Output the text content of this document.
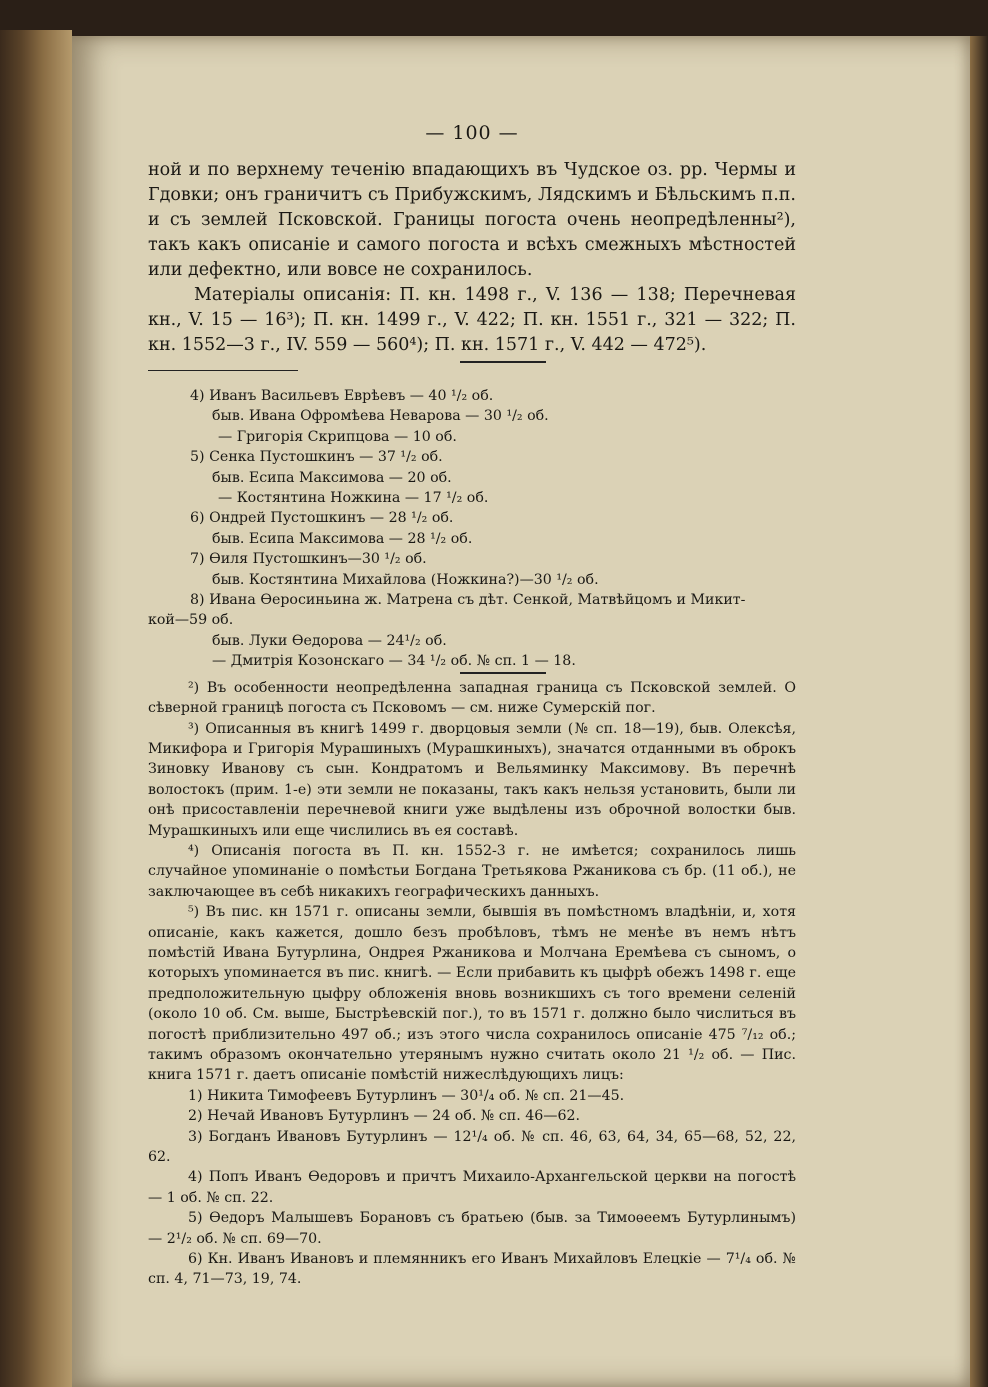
— 100 —

ной и по верхнему теченію впадающихъ въ Чудское оз. рр. Чермы и Гдовки; онъ граничитъ съ Прибужскимъ, Лядскимъ и Бѣльскимъ п.п. и съ землей Псковской. Границы погоста очень неопредѣленны²), такъ какъ описаніе и самого погоста и всѣхъ смежныхъ мѣстностей или дефектно, или вовсе не сохранилось.

Матеріалы описанія: П. кн. 1498 г., V. 136 — 138; Перечневая кн., V. 15 — 16³); П. кн. 1499 г., V. 422; П. кн. 1551 г., 321 — 322; П. кн. 1552—3 г., IV. 559 — 560⁴); П. кн. 1571 г., V. 442 — 472⁵).

4) Иванъ Васильевъ Еврѣевъ — 40 ¹/₂ об.

быв. Ивана Офромѣева Неварова — 30 ¹/₂ об.

— Григорія Скрипцова — 10 об.

5) Сенка Пустошкинъ — 37 ¹/₂ об.

быв. Есипа Максимова — 20 об.

— Костянтина Ножкина — 17 ¹/₂ об.

6) Ондрей Пустошкинъ — 28 ¹/₂ об.

быв. Есипа Максимова — 28 ¹/₂ об.

7) Ѳиля Пустошкинъ—30 ¹/₂ об.

быв. Костянтина Михайлова (Ножкина?)—30 ¹/₂ об.

8) Ивана Ѳеросиньина ж. Матрена съ дѣт. Сенкой, Матвѣйцомъ и Микит-

кой—59 об.

быв. Луки Ѳедорова — 24¹/₂ об.

— Дмитрія Козонскаго — 34 ¹/₂ об. № сп. 1 — 18.

²) Въ особенности неопредѣленна западная граница съ Псковской землей. О сѣверной границѣ погоста съ Псковомъ — см. ниже Сумерскій пог.

³) Описанныя въ книгѣ 1499 г. дворцовыя земли (№ сп. 18—19), быв. Олексѣя, Микифора и Григорія Мурашиныхъ (Мурашкиныхъ), значатся отданными въ оброкъ Зиновку Иванову съ сын. Кондратомъ и Вельяминку Максимову. Въ перечнѣ волостокъ (прим. 1-е) эти земли не показаны, такъ какъ нельзя установить, были ли онѣ присоставленіи перечневой книги уже выдѣлены изъ оброчной волостки быв. Мурашкиныхъ или еще числились въ ея составѣ.

⁴) Описанія погоста въ П. кн. 1552-3 г. не имѣется; сохранилось лишь случайное упоминаніе о помѣстьи Богдана Третьякова Ржаникова съ бр. (11 об.), не заключающее въ себѣ никакихъ географическихъ данныхъ.

⁵) Въ пис. кн 1571 г. описаны земли, бывшія въ помѣстномъ владѣніи, и, хотя описаніе, какъ кажется, дошло безъ пробѣловъ, тѣмъ не менѣе въ немъ нѣтъ помѣстій Ивана Бутурлина, Ондрея Ржаникова и Молчана Еремѣева съ сыномъ, о которыхъ упоминается въ пис. книгѣ. — Если прибавить къ цыфрѣ обежъ 1498 г. еще предположительную цыфру обложенія вновь возникшихъ съ того времени селеній (около 10 об. См. выше, Быстрѣевскій пог.), то въ 1571 г. должно было числиться въ погостѣ приблизительно 497 об.; изъ этого числа сохранилось описаніе 475 ⁷/₁₂ об.; такимъ образомъ окончательно утерянымъ нужно считать около 21 ¹/₂ об. — Пис. книга 1571 г. даетъ описаніе помѣстій нижеслѣдующихъ лицъ:

1) Никита Тимофеевъ Бутурлинъ — 30¹/₄ об. № сп. 21—45.

2) Нечай Ивановъ Бутурлинъ — 24 об. № сп. 46—62.

3) Богданъ Ивановъ Бутурлинъ — 12¹/₄ об. № сп. 46, 63, 64, 34, 65—68, 52, 22, 62.

4) Попъ Иванъ Ѳедоровъ и причтъ Михаило-Архангельской церкви на погостѣ — 1 об. № сп. 22.

5) Ѳедоръ Малышевъ Борановъ съ братьею (быв. за Тимоѳеемъ Бутурлинымъ) — 2¹/₂ об. № сп. 69—70.

6) Кн. Иванъ Ивановъ и племянникъ его Иванъ Михайловъ Елецкіе — 7¹/₄ об. № сп. 4, 71—73, 19, 74.
